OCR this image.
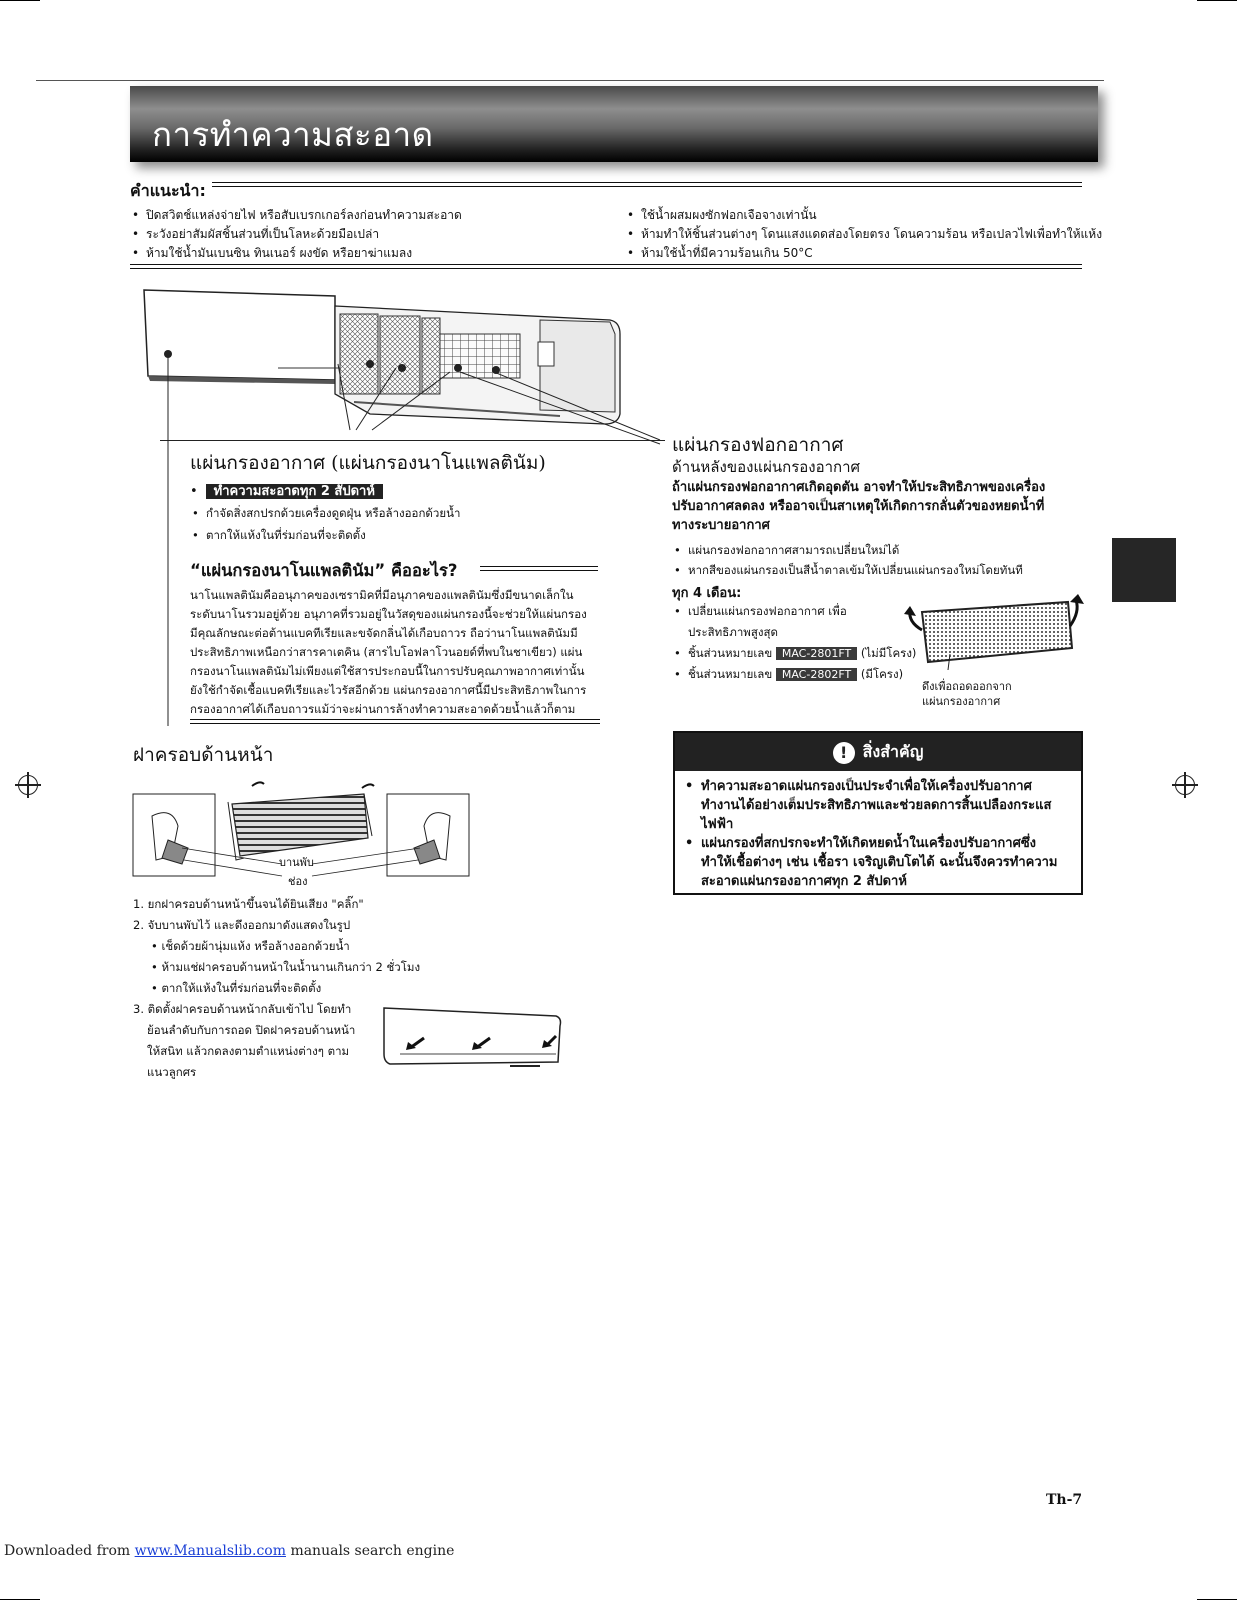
การทำความสะอาด
คำแนะนำ:
• ปิดสวิตช์แหล่งจ่ายไฟ หรือสับเบรกเกอร์ลงก่อนทำความสะอาด
• ระวังอย่าสัมผัสชิ้นส่วนที่เป็นโลหะด้วยมือเปล่า
• ห้ามใช้น้ำมันเบนซิน ทินเนอร์ ผงขัด หรือยาฆ่าแมลง
• ใช้น้ำผสมผงซักฟอกเจือจางเท่านั้น
• ห้ามทำให้ชิ้นส่วนต่างๆ โดนแสงแดดส่องโดยตรง โดนความร้อน หรือเปลวไฟเพื่อทำให้แห้ง
• ห้ามใช้น้ำที่มีความร้อนเกิน 50°C
แผ่นกรองอากาศ (แผ่นกรองนาโนแพลตินัม)
• ทำความสะอาดทุก 2 สัปดาห์
• กำจัดสิ่งสกปรกด้วยเครื่องดูดฝุ่น หรือล้างออกด้วยน้ำ
• ตากให้แห้งในที่ร่มก่อนที่จะติดตั้ง
“แผ่นกรองนาโนแพลตินัม” คืออะไร?
นาโนแพลตินัมคืออนุภาคของเซรามิคที่มีอนุภาคของแพลตินัมซึ่งมีขนาดเล็กใน
ระดับนาโนรวมอยู่ด้วย อนุภาคที่รวมอยู่ในวัสดุของแผ่นกรองนี้จะช่วยให้แผ่นกรอง
มีคุณลักษณะต่อต้านแบคทีเรียและขจัดกลิ่นได้เกือบถาวร ถือว่านาโนแพลตินัมมี
ประสิทธิภาพเหนือกว่าสารคาเตคิน (สารไบโอฟลาโวนอยด์ที่พบในชาเขียว) แผ่น
กรองนาโนแพลตินัมไม่เพียงแต่ใช้สารประกอบนี้ในการปรับคุณภาพอากาศเท่านั้น
ยังใช้กำจัดเชื้อแบคทีเรียและไวรัสอีกด้วย แผ่นกรองอากาศนี้มีประสิทธิภาพในการ
กรองอากาศได้เกือบถาวรแม้ว่าจะผ่านการล้างทำความสะอาดด้วยน้ำแล้วก็ตาม
แผ่นกรองฟอกอากาศ
ด้านหลังของแผ่นกรองอากาศ
ถ้าแผ่นกรองฟอกอากาศเกิดอุดตัน อาจทำให้ประสิทธิภาพของเครื่อง
ปรับอากาศลดลง หรืออาจเป็นสาเหตุให้เกิดการกลั่นตัวของหยดน้ำที่
ทางระบายอากาศ
• แผ่นกรองฟอกอากาศสามารถเปลี่ยนใหม่ได้
• หากสีของแผ่นกรองเป็นสีน้ำตาลเข้มให้เปลี่ยนแผ่นกรองใหม่โดยทันที
ทุก 4 เดือน:
• เปลี่ยนแผ่นกรองฟอกอากาศ เพื่อ
ประสิทธิภาพสูงสุด
• ชิ้นส่วนหมายเลข MAC-2801FT (ไม่มีโครง)
• ชิ้นส่วนหมายเลข MAC-2802FT (มีโครง)
ดึงเพื่อถอดออกจาก
แผ่นกรองอากาศ
! สิ่งสำคัญ
• ทำความสะอาดแผ่นกรองเป็นประจำเพื่อให้เครื่องปรับอากาศ
ทำงานได้อย่างเต็มประสิทธิภาพและช่วยลดการสิ้นเปลืองกระแส
ไฟฟ้า
• แผ่นกรองที่สกปรกจะทำให้เกิดหยดน้ำในเครื่องปรับอากาศซึ่ง
ทำให้เชื้อต่างๆ เช่น เชื้อรา เจริญเติบโตได้ ฉะนั้นจึงควรทำความ
สะอาดแผ่นกรองอากาศทุก 2 สัปดาห์
ฝาครอบด้านหน้า
บานพับ
ช่อง
1. ยกฝาครอบด้านหน้าขึ้นจนได้ยินเสียง "คลิ๊ก"
2. จับบานพับไว้ และดึงออกมาดังแสดงในรูป
• เช็ดด้วยผ้านุ่มแห้ง หรือล้างออกด้วยน้ำ
• ห้ามแช่ฝาครอบด้านหน้าในน้ำนานเกินกว่า 2 ชั่วโมง
• ตากให้แห้งในที่ร่มก่อนที่จะติดตั้ง
3. ติดตั้งฝาครอบด้านหน้ากลับเข้าไป โดยทำ
ย้อนลำดับกับการถอด ปิดฝาครอบด้านหน้า
ให้สนิท แล้วกดลงตามตำแหน่งต่างๆ ตาม
แนวลูกศร
Th-7
Downloaded from www.Manualslib.com manuals search engine
